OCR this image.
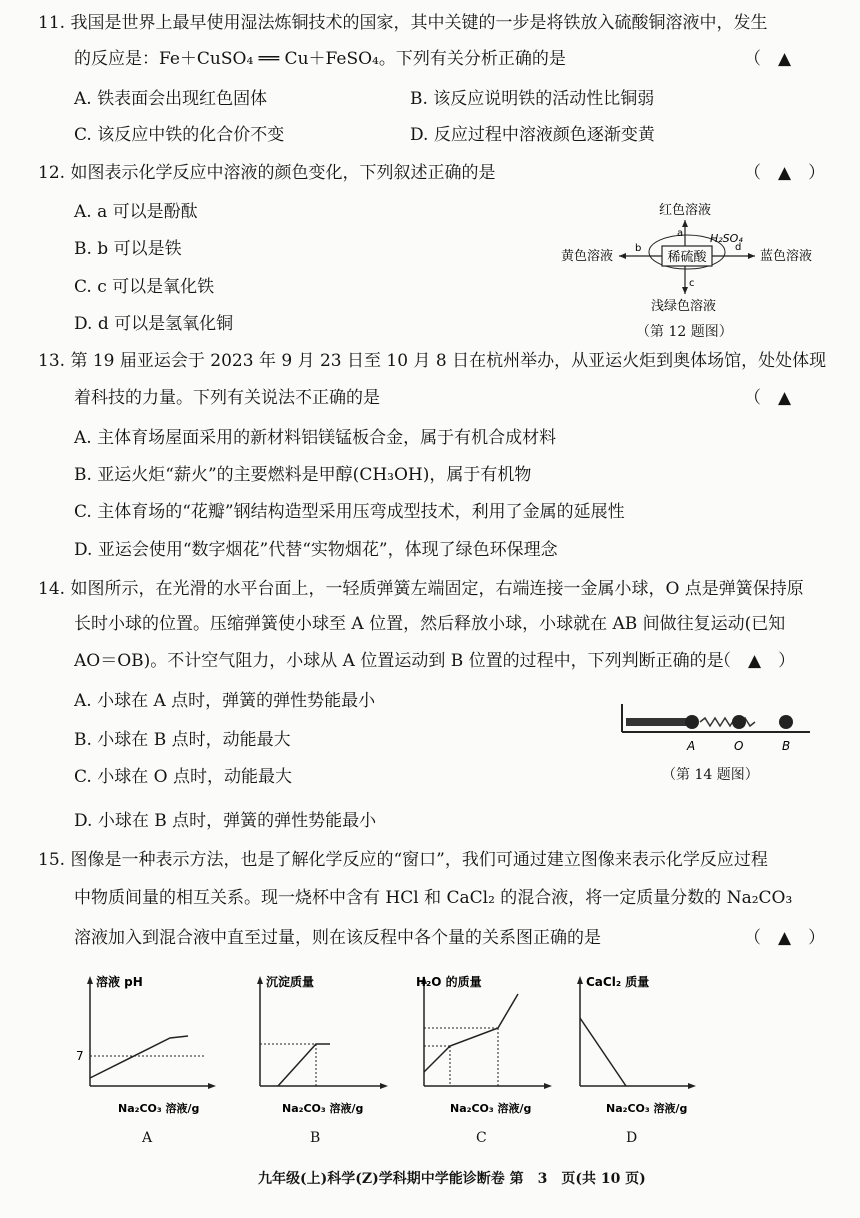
11. 我国是世界上最早使用湿法炼铜技术的国家，其中关键的一步是将铁放入硫酸铜溶液中，发生
的反应是：Fe＋CuSO₄ ══ Cu＋FeSO₄。下列有关分析正确的是	（　▲
A. 铁表面会出现红色固体	B. 该反应说明铁的活动性比铜弱
C. 该反应中铁的化合价不变	D. 反应过程中溶液颜色逐渐变黄
12. 如图表示化学反应中溶液的颜色变化，下列叙述正确的是	（　▲　）
A. a 可以是酚酞
B. b 可以是铁
C. c 可以是氧化铁
D. d 可以是氢氧化铜
红色溶液
黄色溶液	蓝色溶液
浅绿色溶液
稀硫酸
a
b
c
d
H₂SO₄
（第 12 题图）
13. 第 19 届亚运会于 2023 年 9 月 23 日至 10 月 8 日在杭州举办，从亚运火炬到奥体场馆，处处体现
着科技的力量。下列有关说法不正确的是	（　▲
A. 主体育场屋面采用的新材料铝镁锰板合金，属于有机合成材料
B. 亚运火炬“薪火”的主要燃料是甲醇(CH₃OH)，属于有机物
C. 主体育场的“花瓣”钢结构造型采用压弯成型技术，利用了金属的延展性
D. 亚运会使用“数字烟花”代替“实物烟花”，体现了绿色环保理念
14. 如图所示，在光滑的水平台面上，一轻质弹簧左端固定，右端连接一金属小球，O 点是弹簧保持原
长时小球的位置。压缩弹簧使小球至 A 位置，然后释放小球，小球就在 AB 间做往复运动(已知
AO＝OB)。不计空气阻力，小球从 A 位置运动到 B 位置的过程中，下列判断正确的是
（　▲　）
A. 小球在 A 点时，弹簧的弹性势能最小
B. 小球在 B 点时，动能最大
C. 小球在 O 点时，动能最大
D. 小球在 B 点时，弹簧的弹性势能最小
A	O	B
（第 14 题图）
15. 图像是一种表示方法，也是了解化学反应的“窗口”，我们可通过建立图像来表示化学反应过程
中物质间量的相互关系。现一烧杯中含有 HCl 和 CaCl₂ 的混合液，将一定质量分数的 Na₂CO₃
溶液加入到混合液中直至过量，则在该反程中各个量的关系图正确的是	（　▲　）
7
溶液 pH
Na₂CO₃ 溶液/g
A
沉淀质量
Na₂CO₃ 溶液/g
B
H₂O 的质量
Na₂CO₃ 溶液/g
C
CaCl₂ 质量
Na₂CO₃ 溶液/g
D
九年级(上)科学(Z)学科期中学能诊断卷 第　3　页(共 10 页)
